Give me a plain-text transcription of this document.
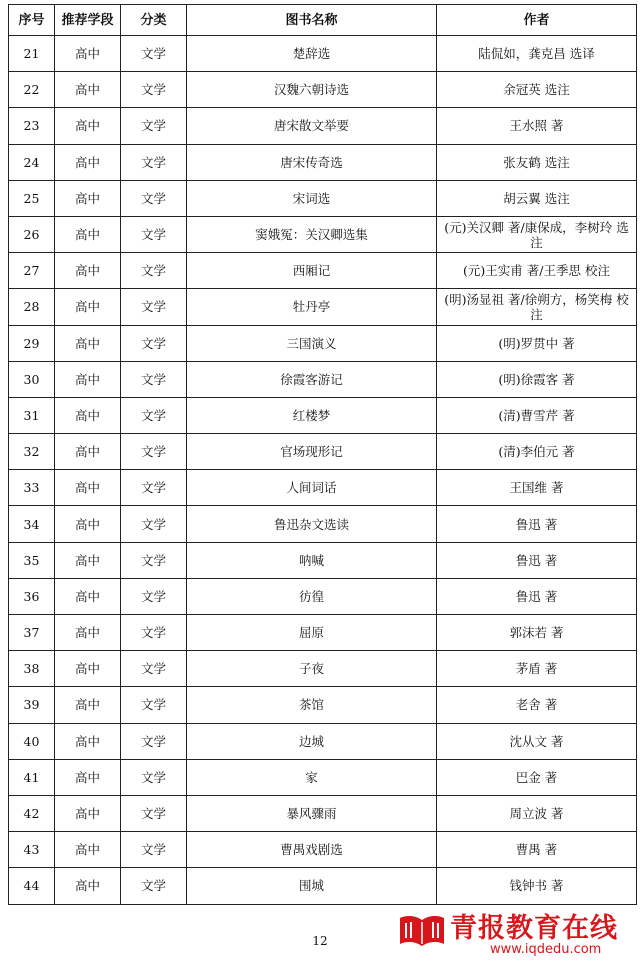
序号	推荐学段	分类	图书名称	作者
21	高中	文学	楚辞选	陆侃如，龚克昌 选译
22	高中	文学	汉魏六朝诗选	余冠英 选注
23	高中	文学	唐宋散文举要	王水照 著
24	高中	文学	唐宋传奇选	张友鹤 选注
25	高中	文学	宋词选	胡云翼 选注
26	高中	文学	窦娥冤：关汉卿选集	(元)关汉卿 著/康保成，李树玲 选注
27	高中	文学	西厢记	(元)王实甫 著/王季思 校注
28	高中	文学	牡丹亭	(明)汤显祖 著/徐朔方，杨笑梅 校注
29	高中	文学	三国演义	(明)罗贯中 著
30	高中	文学	徐霞客游记	(明)徐霞客 著
31	高中	文学	红楼梦	(清)曹雪芹 著
32	高中	文学	官场现形记	(清)李伯元 著
33	高中	文学	人间词话	王国维 著
34	高中	文学	鲁迅杂文选读	鲁迅 著
35	高中	文学	呐喊	鲁迅 著
36	高中	文学	彷徨	鲁迅 著
37	高中	文学	屈原	郭沫若 著
38	高中	文学	子夜	茅盾 著
39	高中	文学	茶馆	老舍 著
40	高中	文学	边城	沈从文 著
41	高中	文学	家	巴金 著
42	高中	文学	暴风骤雨	周立波 著
43	高中	文学	曹禺戏剧选	曹禺 著
44	高中	文学	围城	钱钟书 著
12	青报教育在线
www.iqdedu.com
